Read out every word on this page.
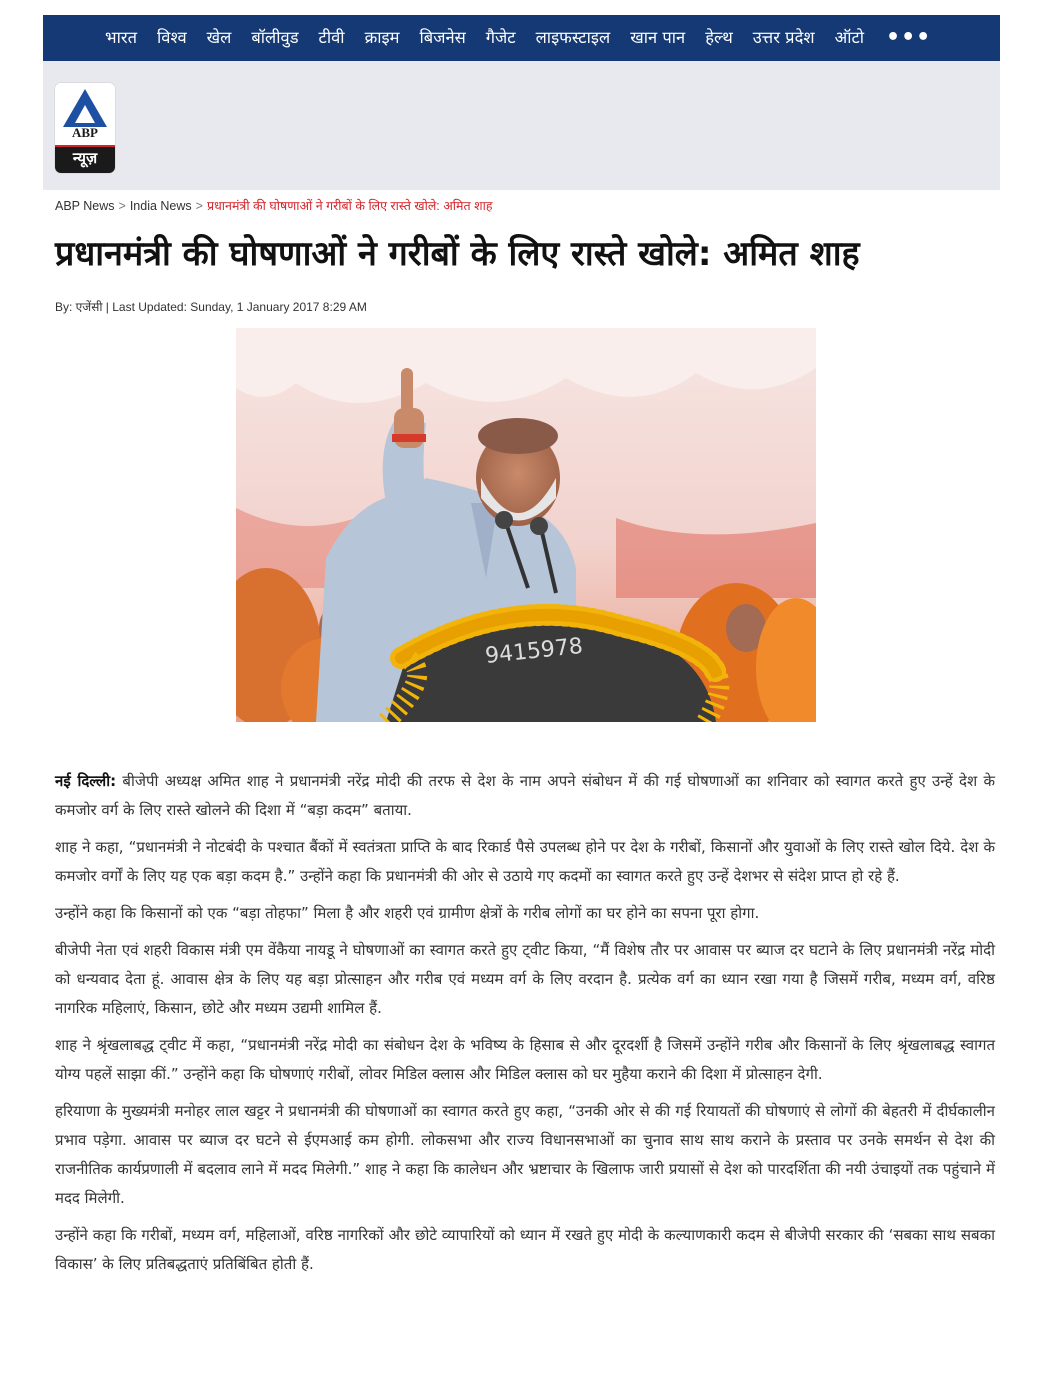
भारत	विश्व	खेल	बॉलीवुड	टीवी	क्राइम	बिजनेस	गैजेट	लाइफस्टाइल	खान पान	हेल्थ	उत्तर प्रदेश	ऑटो	•••
ABP
न्यूज़
ABP News > India News > प्रधानमंत्री की घोषणाओं ने गरीबों के लिए रास्ते खोले: अमित शाह
प्रधानमंत्री की घोषणाओं ने गरीबों के लिए रास्ते खोले: अमित शाह
By: एजेंसी | Last Updated: Sunday, 1 January 2017 8:29 AM
9415978

नई दिल्ली: बीजेपी अध्यक्ष अमित शाह ने प्रधानमंत्री नरेंद्र मोदी की तरफ से देश के नाम अपने संबोधन में की गई घोषणाओं का शनिवार को स्वागत करते हुए उन्हें देश के कमजोर वर्ग के लिए रास्ते खोलने की दिशा में “बड़ा कदम” बताया.

शाह ने कहा, “प्रधानमंत्री ने नोटबंदी के पश्चात बैंकों में स्वतंत्रता प्राप्ति के बाद रिकार्ड पैसे उपलब्ध होने पर देश के गरीबों, किसानों और युवाओं के लिए रास्ते खोल दिये. देश के कमजोर वर्गों के लिए यह एक बड़ा कदम है.” उन्होंने कहा कि प्रधानमंत्री की ओर से उठाये गए कदमों का स्वागत करते हुए उन्हें देशभर से संदेश प्राप्त हो रहे हैं.

उन्होंने कहा कि किसानों को एक “बड़ा तोहफा” मिला है और शहरी एवं ग्रामीण क्षेत्रों के गरीब लोगों का घर होने का सपना पूरा होगा.

बीजेपी नेता एवं शहरी विकास मंत्री एम वेंकैया नायडू ने घोषणाओं का स्वागत करते हुए ट्वीट किया, “मैं विशेष तौर पर आवास पर ब्याज दर घटाने के लिए प्रधानमंत्री नरेंद्र मोदी को धन्यवाद देता हूं. आवास क्षेत्र के लिए यह बड़ा प्रोत्साहन और गरीब एवं मध्यम वर्ग के लिए वरदान है. प्रत्येक वर्ग का ध्यान रखा गया है जिसमें गरीब, मध्यम वर्ग, वरिष्ठ नागरिक महिलाएं, किसान, छोटे और मध्यम उद्यमी शामिल हैं.

शाह ने श्रृंखलाबद्ध ट्वीट में कहा, “प्रधानमंत्री नरेंद्र मोदी का संबोधन देश के भविष्य के हिसाब से और दूरदर्शी है जिसमें उन्होंने गरीब और किसानों के लिए श्रृंखलाबद्ध स्वागत योग्य पहलें साझा कीं.” उन्होंने कहा कि घोषणाएं गरीबों, लोवर मिडिल क्लास और मिडिल क्लास को घर मुहैया कराने की दिशा में प्रोत्साहन देगी.

हरियाणा के मुख्यमंत्री मनोहर लाल खट्टर ने प्रधानमंत्री की घोषणाओं का स्वागत करते हुए कहा, “उनकी ओर से की गई रियायतों की घोषणाएं से लोगों की बेहतरी में दीर्घकालीन प्रभाव पड़ेगा. आवास पर ब्याज दर घटने से ईएमआई कम होगी. लोकसभा और राज्य विधानसभाओं का चुनाव साथ साथ कराने के प्रस्ताव पर उनके समर्थन से देश की राजनीतिक कार्यप्रणाली में बदलाव लाने में मदद मिलेगी.” शाह ने कहा कि कालेधन और भ्रष्टाचार के खिलाफ जारी प्रयासों से देश को पारदर्शिता की नयी उंचाइयों तक पहुंचाने में मदद मिलेगी.

उन्होंने कहा कि गरीबों, मध्यम वर्ग, महिलाओं, वरिष्ठ नागरिकों और छोटे व्यापारियों को ध्यान में रखते हुए मोदी के कल्याणकारी कदम से बीजेपी सरकार की ‘सबका साथ सबका विकास’ के लिए प्रतिबद्धताएं प्रतिबिंबित होती हैं.
